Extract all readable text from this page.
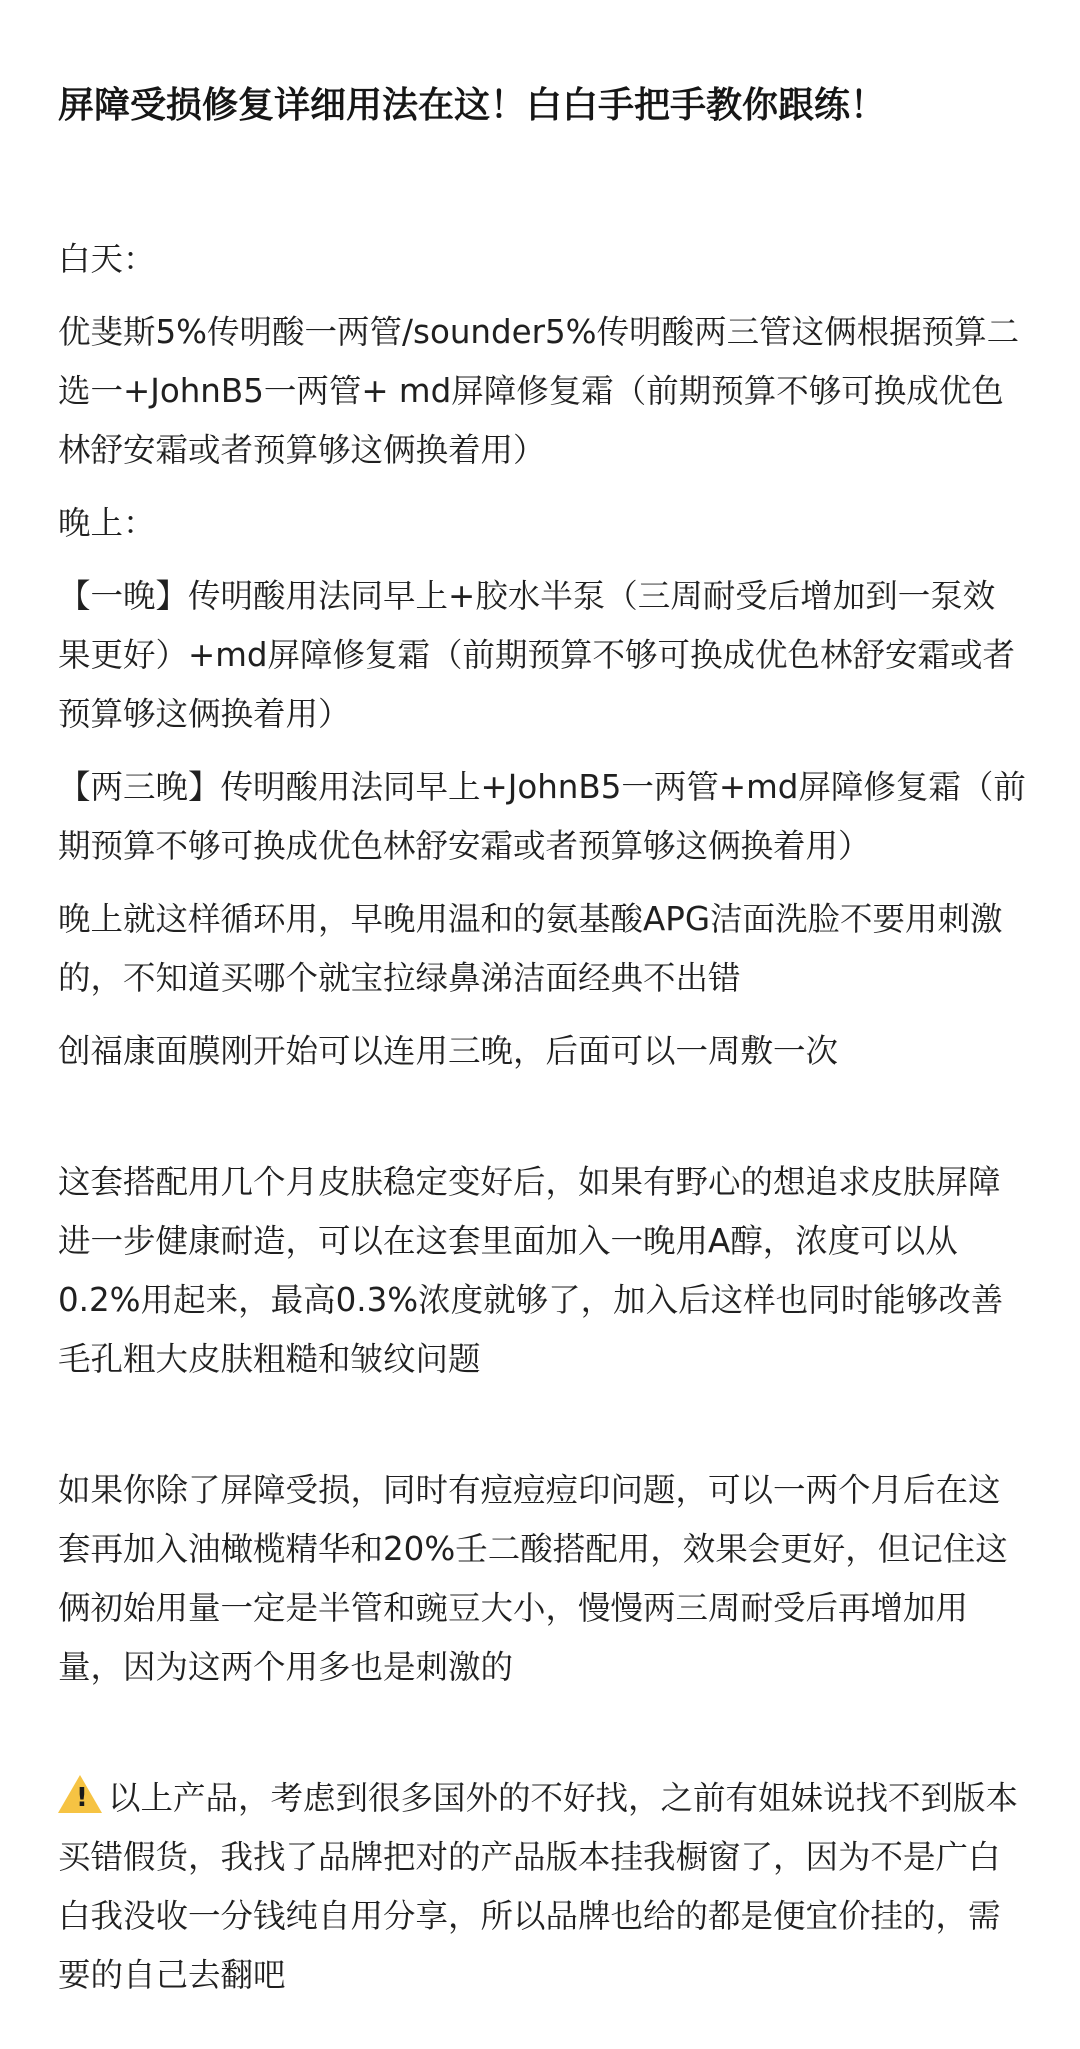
屏障受损修复详细用法在这！白白手把手教你跟练！

白天：

优斐斯5%传明酸一两管/sounder5%传明酸两三管这俩根据预算二选一+JohnB5一两管+ md屏障修复霜（前期预算不够可换成优色林舒安霜或者预算够这俩换着用）

晚上：

【一晚】传明酸用法同早上+胶水半泵（三周耐受后增加到一泵效果更好）+md屏障修复霜（前期预算不够可换成优色林舒安霜或者预算够这俩换着用）

【两三晚】传明酸用法同早上+JohnB5一两管+md屏障修复霜（前期预算不够可换成优色林舒安霜或者预算够这俩换着用）

晚上就这样循环用，早晚用温和的氨基酸APG洁面洗脸不要用刺激的，不知道买哪个就宝拉绿鼻涕洁面经典不出错

创福康面膜刚开始可以连用三晚，后面可以一周敷一次

这套搭配用几个月皮肤稳定变好后，如果有野心的想追求皮肤屏障进一步健康耐造，可以在这套里面加入一晚用A醇，浓度可以从0.2%用起来，最高0.3%浓度就够了，加入后这样也同时能够改善毛孔粗大皮肤粗糙和皱纹问题

如果你除了屏障受损，同时有痘痘痘印问题，可以一两个月后在这套再加入油橄榄精华和20%壬二酸搭配用，效果会更好，但记住这俩初始用量一定是半管和豌豆大小，慢慢两三周耐受后再增加用量，因为这两个用多也是刺激的

! 以上产品，考虑到很多国外的不好找，之前有姐妹说找不到版本买错假货，我找了品牌把对的产品版本挂我橱窗了，因为不是广白白我没收一分钱纯自用分享，所以品牌也给的都是便宜价挂的，需要的自己去翻吧
